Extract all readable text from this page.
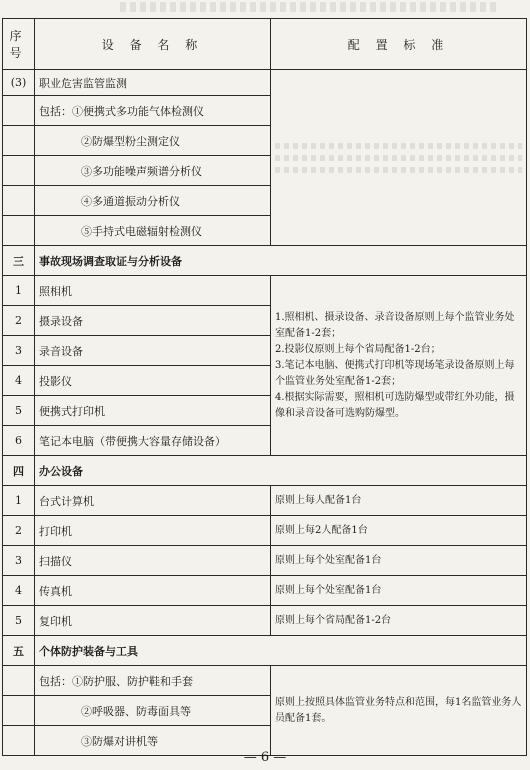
序号	设 备 名 称	配 置 标 准
(3)	职业危害监管监测	

	包括：①便携式多功能气体检测仪	
	②防爆型粉尘测定仪	
	③多功能噪声频谱分析仪	
	④多通道振动分析仪	
	⑤手持式电磁辐射检测仪	
三	事故现场调查取证与分析设备	
1	照相机	1.照相机、摄录设备、录音设备原则上每个监管业务处室配备1-2套；
2.投影仪原则上每个省局配备1-2台；
3.笔记本电脑、便携式打印机等现场笔录设备原则上每个监管业务处室配备1-2套；
4.根据实际需要，照相机可选防爆型或带红外功能，摄像和录音设备可选购防爆型。
2	摄录设备	
3	录音设备	
4	投影仪	
5	便携式打印机	
6	笔记本电脑（带便携大容量存储设备）	
四	办公设备	
1	台式计算机	原则上每人配备1台
2	打印机	原则上每2人配备1台
3	扫描仪	原则上每个处室配备1台
4	传真机	原则上每个处室配备1台
5	复印机	原则上每个省局配备1-2台
五	个体防护装备与工具	
	包括：①防护服、防护鞋和手套	原则上按照具体监管业务特点和范围，每1名监管业务人员配备1套。
	②呼吸器、防毒面具等	
	③防爆对讲机等	
— 6 —
